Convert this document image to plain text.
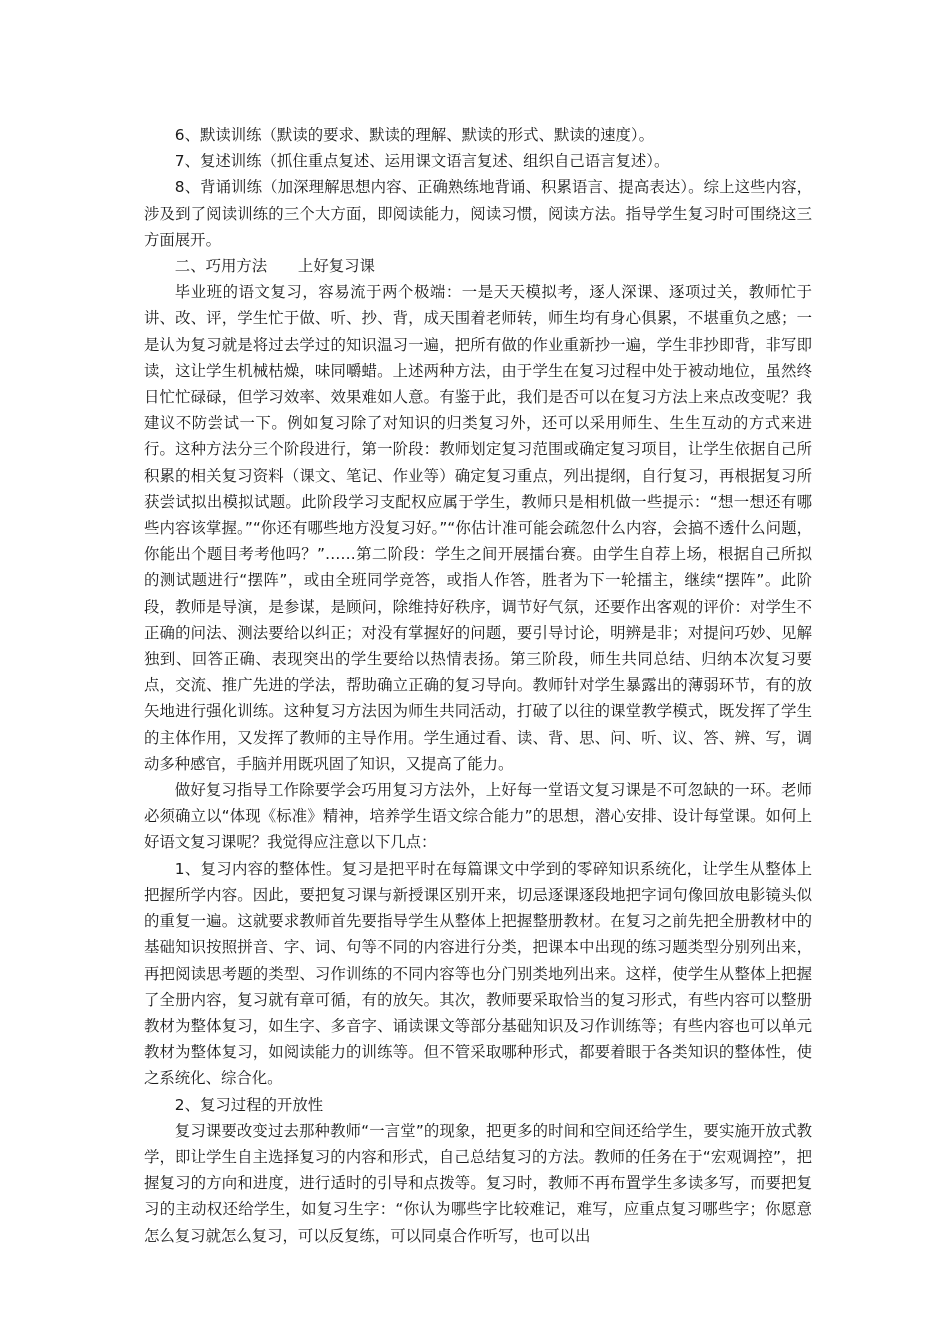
6、默读训练（默读的要求、默读的理解、默读的形式、默读的速度）。

7、复述训练（抓住重点复述、运用课文语言复述、组织自己语言复述）。

8、背诵训练（加深理解思想内容、正确熟练地背诵、积累语言、提高表达）。综上这些内容，涉及到了阅读训练的三个大方面，即阅读能力，阅读习惯，阅读方法。指导学生复习时可围绕这三方面展开。

二、巧用方法　　上好复习课

毕业班的语文复习，容易流于两个极端：一是天天模拟考，逐人深课、逐项过关，教师忙于讲、改、评，学生忙于做、听、抄、背，成天围着老师转，师生均有身心俱累，不堪重负之感；一是认为复习就是将过去学过的知识温习一遍，把所有做的作业重新抄一遍，学生非抄即背，非写即读，这让学生机械枯燥，味同嚼蜡。上述两种方法，由于学生在复习过程中处于被动地位，虽然终日忙忙碌碌，但学习效率、效果难如人意。有鉴于此，我们是否可以在复习方法上来点改变呢？我建议不防尝试一下。例如复习除了对知识的归类复习外，还可以采用师生、生生互动的方式来进行。这种方法分三个阶段进行，第一阶段：教师划定复习范围或确定复习项目，让学生依据自己所积累的相关复习资料（课文、笔记、作业等）确定复习重点，列出提纲，自行复习，再根据复习所获尝试拟出模拟试题。此阶段学习支配权应属于学生，教师只是相机做一些提示：“想一想还有哪些内容该掌握。”“你还有哪些地方没复习好。”“你估计准可能会疏忽什么内容，会搞不透什么问题，你能出个题目考考他吗？”……第二阶段：学生之间开展擂台赛。由学生自荐上场，根据自己所拟的测试题进行“摆阵”，或由全班同学竞答，或指人作答，胜者为下一轮擂主，继续“摆阵”。此阶段，教师是导演，是参谋，是顾问，除维持好秩序，调节好气氛，还要作出客观的评价：对学生不正确的问法、测法要给以纠正；对没有掌握好的问题，要引导讨论，明辨是非；对提问巧妙、见解独到、回答正确、表现突出的学生要给以热情表扬。第三阶段，师生共同总结、归纳本次复习要点，交流、推广先进的学法，帮助确立正确的复习导向。教师针对学生暴露出的薄弱环节，有的放矢地进行强化训练。这种复习方法因为师生共同活动，打破了以往的课堂教学模式，既发挥了学生的主体作用，又发挥了教师的主导作用。学生通过看、读、背、思、问、听、议、答、辨、写，调动多种感官，手脑并用既巩固了知识，又提高了能力。

做好复习指导工作除要学会巧用复习方法外，上好每一堂语文复习课是不可忽缺的一环。老师必须确立以“体现《标准》精神，培养学生语文综合能力”的思想，潜心安排、设计每堂课。如何上好语文复习课呢？我觉得应注意以下几点：

1、复习内容的整体性。复习是把平时在每篇课文中学到的零碎知识系统化，让学生从整体上把握所学内容。因此，要把复习课与新授课区别开来，切忌逐课逐段地把字词句像回放电影镜头似的重复一遍。这就要求教师首先要指导学生从整体上把握整册教材。在复习之前先把全册教材中的基础知识按照拼音、字、词、句等不同的内容进行分类，把课本中出现的练习题类型分别列出来，再把阅读思考题的类型、习作训练的不同内容等也分门别类地列出来。这样，使学生从整体上把握了全册内容，复习就有章可循，有的放矢。其次，教师要采取恰当的复习形式，有些内容可以整册教材为整体复习，如生字、多音字、诵读课文等部分基础知识及习作训练等；有些内容也可以单元教材为整体复习，如阅读能力的训练等。但不管采取哪种形式，都要着眼于各类知识的整体性，使之系统化、综合化。

2、复习过程的开放性

复习课要改变过去那种教师“一言堂”的现象，把更多的时间和空间还给学生，要实施开放式教学，即让学生自主选择复习的内容和形式，自己总结复习的方法。教师的任务在于“宏观调控”，把握复习的方向和进度，进行适时的引导和点拨等。复习时，教师不再布置学生多读多写，而要把复习的主动权还给学生，如复习生字：“你认为哪些字比较难记，难写，应重点复习哪些字；你愿意怎么复习就怎么复习，可以反复练，可以同桌合作听写，也可以出
